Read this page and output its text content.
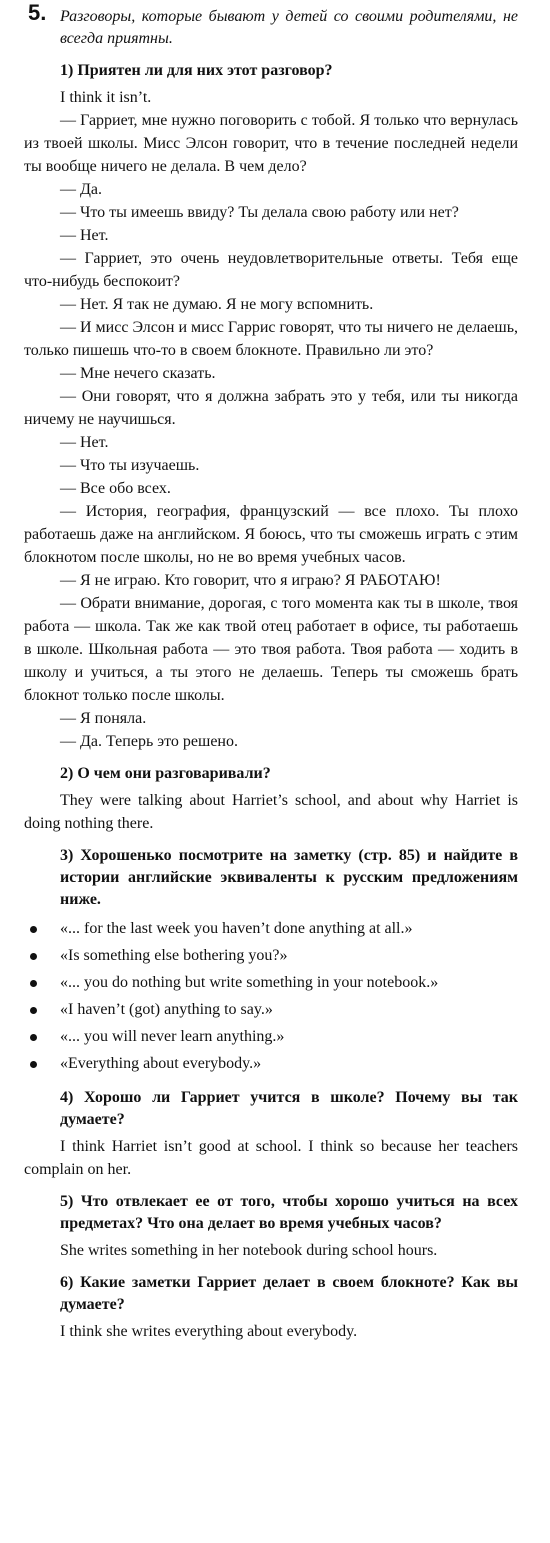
5. Разговоры, которые бывают у детей со своими родителями, не всегда приятны.
1) Приятен ли для них этот разговор?

I think it isn’t.

— Гарриет, мне нужно поговорить с тобой. Я только что вернулась из твоей школы. Мисс Элсон говорит, что в течение последней недели ты вообще ничего не делала. В чем дело?

— Да.

— Что ты имеешь ввиду? Ты делала свою работу или нет?

— Нет.

— Гарриет, это очень неудовлетворительные ответы. Тебя еще что-нибудь беспокоит?

— Нет. Я так не думаю. Я не могу вспомнить.

— И мисс Элсон и мисс Гаррис говорят, что ты ничего не делаешь, только пишешь что-то в своем блокноте. Правильно ли это?

— Мне нечего сказать.

— Они говорят, что я должна забрать это у тебя, или ты никогда ничему не научишься.

— Нет.

— Что ты изучаешь.

— Все обо всех.

— История, география, французский — все плохо. Ты плохо работаешь даже на английском. Я боюсь, что ты сможешь играть с этим блокнотом после школы, но не во время учебных часов.

— Я не играю. Кто говорит, что я играю? Я РАБОТАЮ!

— Обрати внимание, дорогая, с того момента как ты в школе, твоя работа — школа. Так же как твой отец работает в офисе, ты работаешь в школе. Школьная работа — это твоя работа. Твоя работа — ходить в школу и учиться, а ты этого не делаешь. Теперь ты сможешь брать блокнот только после школы.

— Я поняла.

— Да. Теперь это решено.

2) О чем они разговаривали?

They were talking about Harriet’s school, and about why Harriet is doing nothing there.

3) Хорошенько посмотрите на заметку (стр. 85) и найдите в истории английские эквиваленты к русским предложениям ниже.
«... for the last week you haven’t done anything at all.»
«Is something else bothering you?»
«... you do nothing but write something in your notebook.»
«I haven’t (got) anything to say.»
«... you will never learn anything.»
«Everything about everybody.»
4) Хорошо ли Гарриет учится в школе? Почему вы так думаете?

I think Harriet isn’t good at school. I think so because her teachers complain on her.

5) Что отвлекает ее от того, чтобы хорошо учиться на всех предметах? Что она делает во время учебных часов?

She writes something in her notebook during school hours.

6) Какие заметки Гарриет делает в своем блокноте? Как вы думаете?

I think she writes everything about everybody.
